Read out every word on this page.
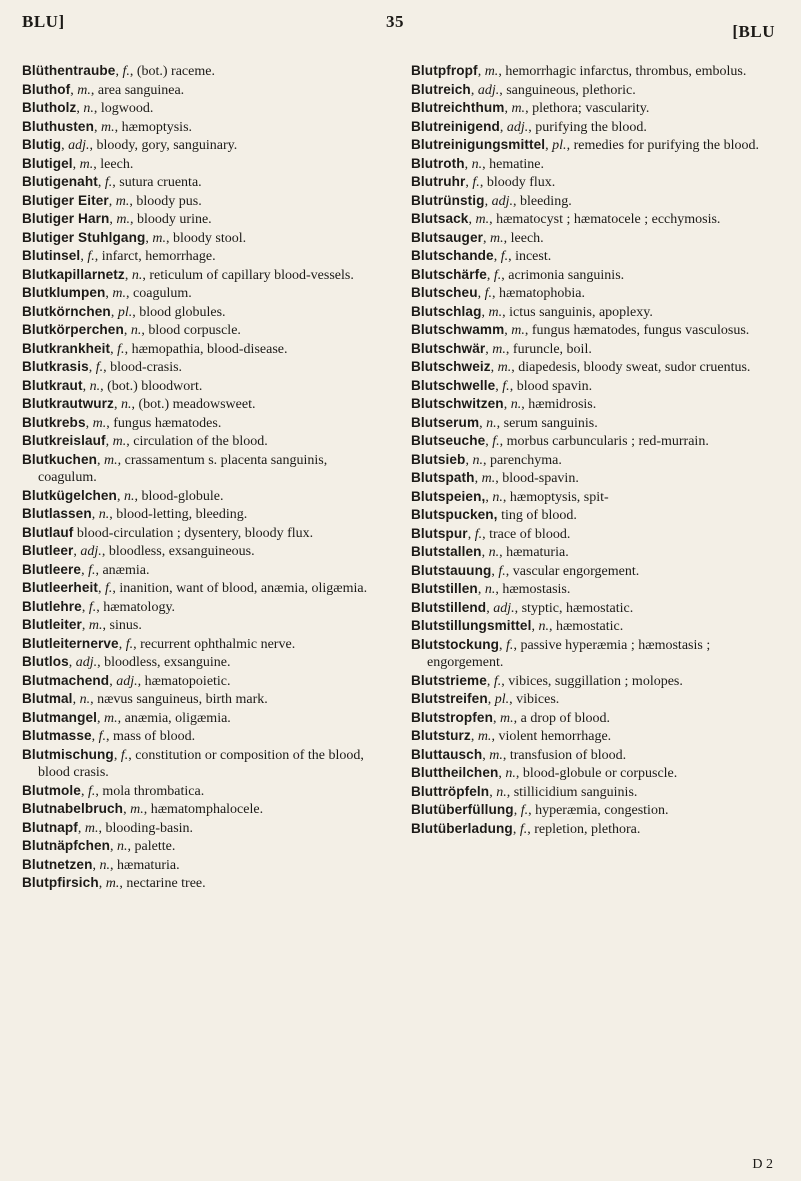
BLU]	35
[BLU

Blüthentraube, f., (bot.) raceme.

Bluthof, m., area sanguinea.

Blutholz, n., logwood.

Bluthusten, m., hæmoptysis.

Blutig, adj., bloody, gory, sanguinary.

Blutigel, m., leech.

Blutigenaht, f., sutura cruenta.

Blutiger Eiter, m., bloody pus.

Blutiger Harn, m., bloody urine.

Blutiger Stuhlgang, m., bloody stool.

Blutinsel, f., infarct, hemorrhage.

Blutkapillarnetz, n., reticulum of capillary blood-vessels.

Blutklumpen, m., coagulum.

Blutkörnchen, pl., blood globules.

Blutkörperchen, n., blood corpuscle.

Blutkrankheit, f., hæmopathia, blood-disease.

Blutkrasis, f., blood-crasis.

Blutkraut, n., (bot.) bloodwort.

Blutkrautwurz, n., (bot.) meadowsweet.

Blutkrebs, m., fungus hæmatodes.

Blutkreislauf, m., circulation of the blood.

Blutkuchen, m., crassamentum s. placenta sanguinis, coagulum.

Blutkügelchen, n., blood-globule.

Blutlassen, n., blood-letting, bleeding.

Blutlauf blood-circulation ; dysentery, bloody flux.

Blutleer, adj., bloodless, exsanguineous.

Blutleere, f., anæmia.

Blutleerheit, f., inanition, want of blood, anæmia, oligæmia.

Blutlehre, f., hæmatology.

Blutleiter, m., sinus.

Blutleiternerve, f., recurrent ophthalmic nerve.

Blutlos, adj., bloodless, exsanguine.

Blutmachend, adj., hæmatopoietic.

Blutmal, n., nævus sanguineus, birth mark.

Blutmangel, m., anæmia, oligæmia.

Blutmasse, f., mass of blood.

Blutmischung, f., constitution or composition of the blood, blood crasis.

Blutmole, f., mola thrombatica.

Blutnabelbruch, m., hæmatomphalocele.

Blutnapf, m., blooding-basin.

Blutnäpfchen, n., palette.

Blutnetzen, n., hæmaturia.

Blutpfirsich, m., nectarine tree.

Blutpfropf, m., hemorrhagic infarctus, thrombus, embolus.

Blutreich, adj., sanguineous, plethoric.

Blutreichthum, m., plethora; vascularity.

Blutreinigend, adj., purifying the blood.

Blutreinigungsmittel, pl., remedies for purifying the blood.

Blutroth, n., hematine.

Blutruhr, f., bloody flux.

Blutrünstig, adj., bleeding.

Blutsack, m., hæmatocyst ; hæmatocele ; ecchymosis.

Blutsauger, m., leech.

Blutschande, f., incest.

Blutschärfe, f., acrimonia sanguinis.

Blutscheu, f., hæmatophobia.

Blutschlag, m., ictus sanguinis, apoplexy.

Blutschwamm, m., fungus hæmatodes, fungus vasculosus.

Blutschwär, m., furuncle, boil.

Blutschweiz, m., diapedesis, bloody sweat, sudor cruentus.

Blutschwelle, f., blood spavin.

Blutschwitzen, n., hæmidrosis.

Blutserum, n., serum sanguinis.

Blutseuche, f., morbus carbuncularis ; red-murrain.

Blutsieb, n., parenchyma.

Blutspath, m., blood-spavin.

Blutspeien,, n., hæmoptysis, spit-

Blutspucken, ting of blood.

Blutspur, f., trace of blood.

Blutstallen, n., hæmaturia.

Blutstauung, f., vascular engorgement.

Blutstillen, n., hæmostasis.

Blutstillend, adj., styptic, hæmostatic.

Blutstillungsmittel, n., hæmostatic.

Blutstockung, f., passive hyperæmia ; hæmostasis ; engorgement.

Blutstrieme, f., vibices, suggillation ; molopes.

Blutstreifen, pl., vibices.

Blutstropfen, m., a drop of blood.

Blutsturz, m., violent hemorrhage.

Bluttausch, m., transfusion of blood.

Bluttheilchen, n., blood-globule or corpuscle.

Bluttröpfeln, n., stillicidium sanguinis.

Blutüberfüllung, f., hyperæmia, congestion.

Blutüberladung, f., repletion, plethora.

D 2
